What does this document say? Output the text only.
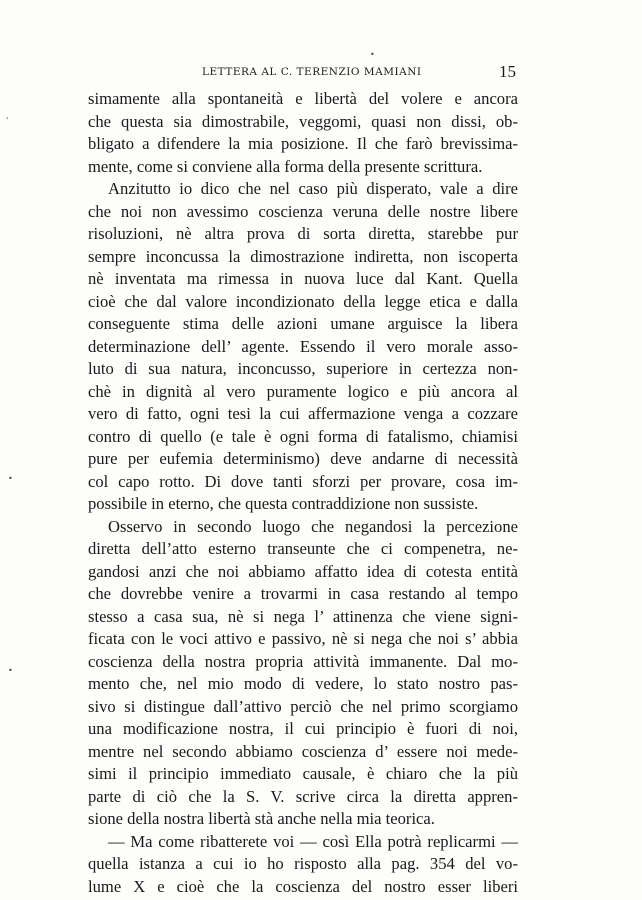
LETTERA AL C. TERENZIO MAMIANI	15
•
'
•
•
simamente alla spontaneità e libertà del volere e ancora
che questa sia dimostrabile, veggomi, quasi non dissi, ob-
bligato a difendere la mia posizione. Il che farò brevissima-
mente, come si conviene alla forma della presente scrittura.
Anzitutto io dico che nel caso più disperato, vale a dire
che noi non avessimo coscienza veruna delle nostre libere
risoluzioni, nè altra prova di sorta diretta, starebbe pur
sempre inconcussa la dimostrazione indiretta, non iscoperta
nè inventata ma rimessa in nuova luce dal Kant. Quella
cioè che dal valore incondizionato della legge etica e dalla
conseguente stima delle azioni umane arguisce la libera
determinazione dell’ agente. Essendo il vero morale asso-
luto di sua natura, inconcusso, superiore in certezza non-
chè in dignità al vero puramente logico e più ancora al
vero di fatto, ogni tesi la cui affermazione venga a cozzare
contro di quello (e tale è ogni forma di fatalismo, chiamisi
pure per eufemia determinismo) deve andarne di necessità
col capo rotto. Di dove tanti sforzi per provare, cosa im-
possibile in eterno, che questa contraddizione non sussiste.
Osservo in secondo luogo che negandosi la percezione
diretta dell’atto esterno transeunte che ci compenetra, ne-
gandosi anzi che noi abbiamo affatto idea di cotesta entità
che dovrebbe venire a trovarmi in casa restando al tempo
stesso a casa sua, nè si nega l’ attinenza che viene signi-
ficata con le voci attivo e passivo, nè si nega che noi s’ abbia
coscienza della nostra propria attività immanente. Dal mo-
mento che, nel mio modo di vedere, lo stato nostro pas-
sivo si distingue dall’attivo perciò che nel primo scorgiamo
una modificazione nostra, il cui principio è fuori di noi,
mentre nel secondo abbiamo coscienza d’ essere noi mede-
simi il principio immediato causale, è chiaro che la più
parte di ciò che la S. V. scrive circa la diretta appren-
sione della nostra libertà stà anche nella mia teorica.
— Ma come ribatterete voi — così Ella potrà replicarmi —
quella istanza a cui io ho risposto alla pag. 354 del vo-
lume X e cioè che la coscienza del nostro esser liberi
